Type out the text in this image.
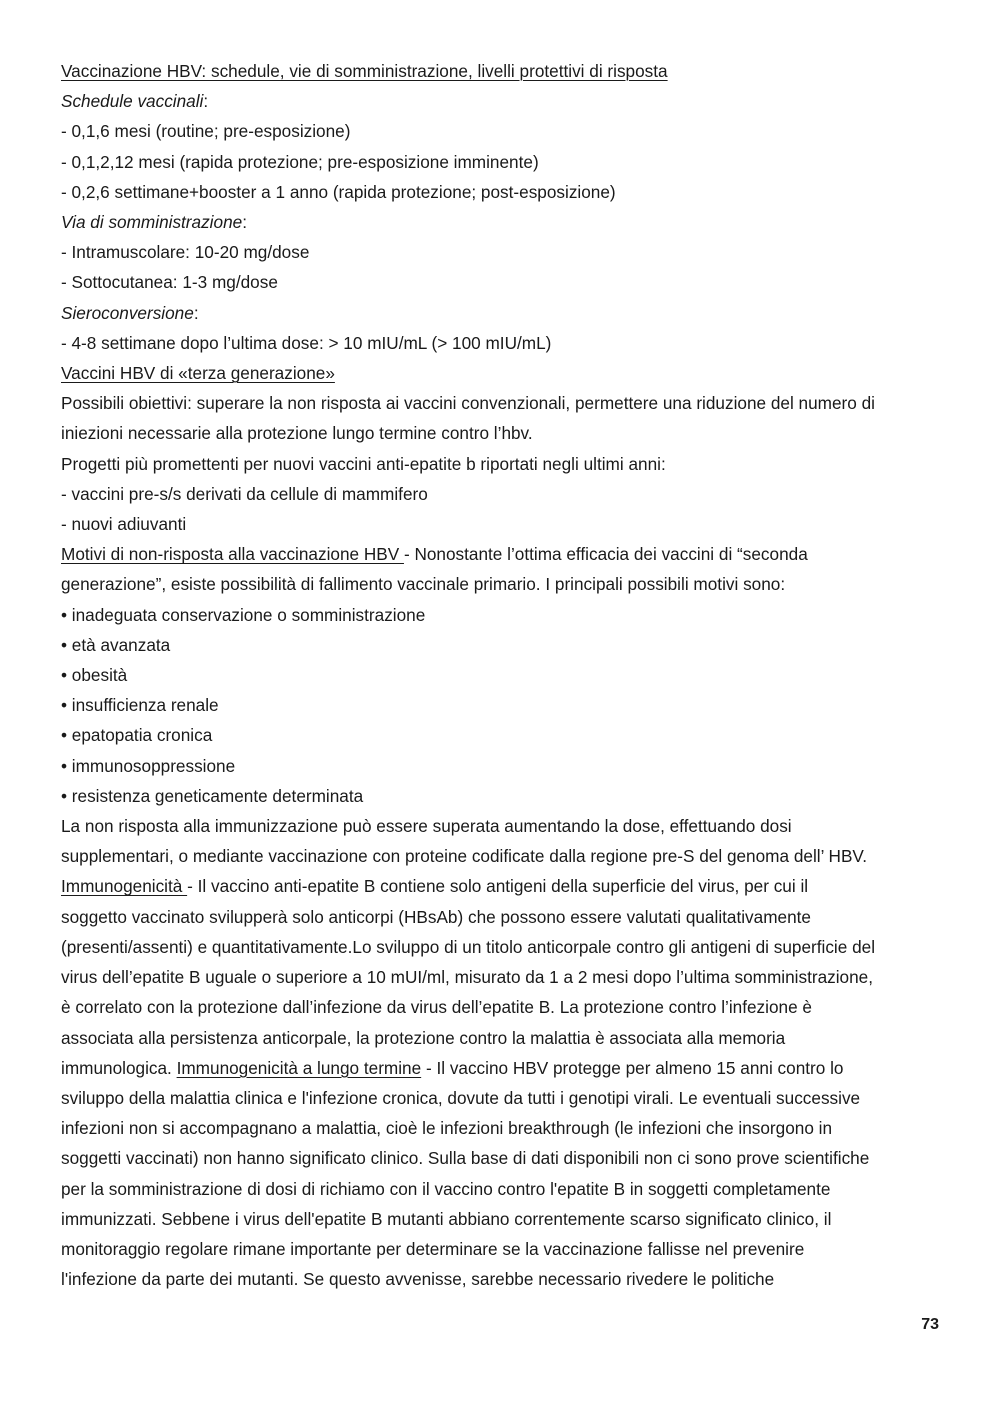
Vaccinazione HBV: schedule, vie di somministrazione, livelli protettivi di risposta
Schedule vaccinali:
- 0,1,6 mesi (routine; pre-esposizione)
- 0,1,2,12 mesi (rapida protezione; pre-esposizione imminente)
- 0,2,6 settimane+booster a 1 anno (rapida protezione; post-esposizione)
Via di somministrazione:
- Intramuscolare: 10-20 mg/dose
- Sottocutanea: 1-3 mg/dose
Sieroconversione:
- 4-8 settimane dopo l’ultima dose: > 10 mIU/mL (> 100 mIU/mL)
Vaccini HBV di «terza generazione»
Possibili obiettivi: superare la non risposta ai vaccini convenzionali, permettere una riduzione del numero di
iniezioni necessarie alla protezione lungo termine contro l’hbv.
Progetti più promettenti per nuovi vaccini anti-epatite b riportati negli ultimi anni:
- vaccini pre-s/s derivati da cellule di mammifero
- nuovi adiuvanti
Motivi di non-risposta alla vaccinazione HBV - Nonostante l’ottima efficacia dei vaccini di “seconda
generazione”, esiste possibilità di fallimento vaccinale primario. I principali possibili motivi sono:
• inadeguata conservazione o somministrazione
• età avanzata
• obesità
• insufficienza renale
• epatopatia cronica
• immunosoppressione
• resistenza geneticamente determinata
La non risposta alla immunizzazione può essere superata aumentando la dose, effettuando dosi
supplementari, o mediante vaccinazione con proteine codificate dalla regione pre-S del genoma dell’ HBV.
Immunogenicità - Il vaccino anti-epatite B contiene solo antigeni della superficie del virus, per cui il
soggetto vaccinato svilupperà solo anticorpi (HBsAb) che possono essere valutati qualitativamente
(presenti/assenti) e quantitativamente.Lo sviluppo di un titolo anticorpale contro gli antigeni di superficie del
virus dell’epatite B uguale o superiore a 10 mUI/ml, misurato da 1 a 2 mesi dopo l’ultima somministrazione,
è correlato con la protezione dall’infezione da virus dell’epatite B. La protezione contro l’infezione è
associata alla persistenza anticorpale, la protezione contro la malattia è associata alla memoria
immunologica. Immunogenicità a lungo termine - Il vaccino HBV protegge per almeno 15 anni contro lo
sviluppo della malattia clinica e l'infezione cronica, dovute da tutti i genotipi virali. Le eventuali successive
infezioni non si accompagnano a malattia, cioè le infezioni breakthrough (le infezioni che insorgono in
soggetti vaccinati) non hanno significato clinico. Sulla base di dati disponibili non ci sono prove scientifiche
per la somministrazione di dosi di richiamo con il vaccino contro l'epatite B in soggetti completamente
immunizzati. Sebbene i virus dell'epatite B mutanti abbiano correntemente scarso significato clinico, il
monitoraggio regolare rimane importante per determinare se la vaccinazione fallisse nel prevenire
l'infezione da parte dei mutanti. Se questo avvenisse, sarebbe necessario rivedere le politiche
73
